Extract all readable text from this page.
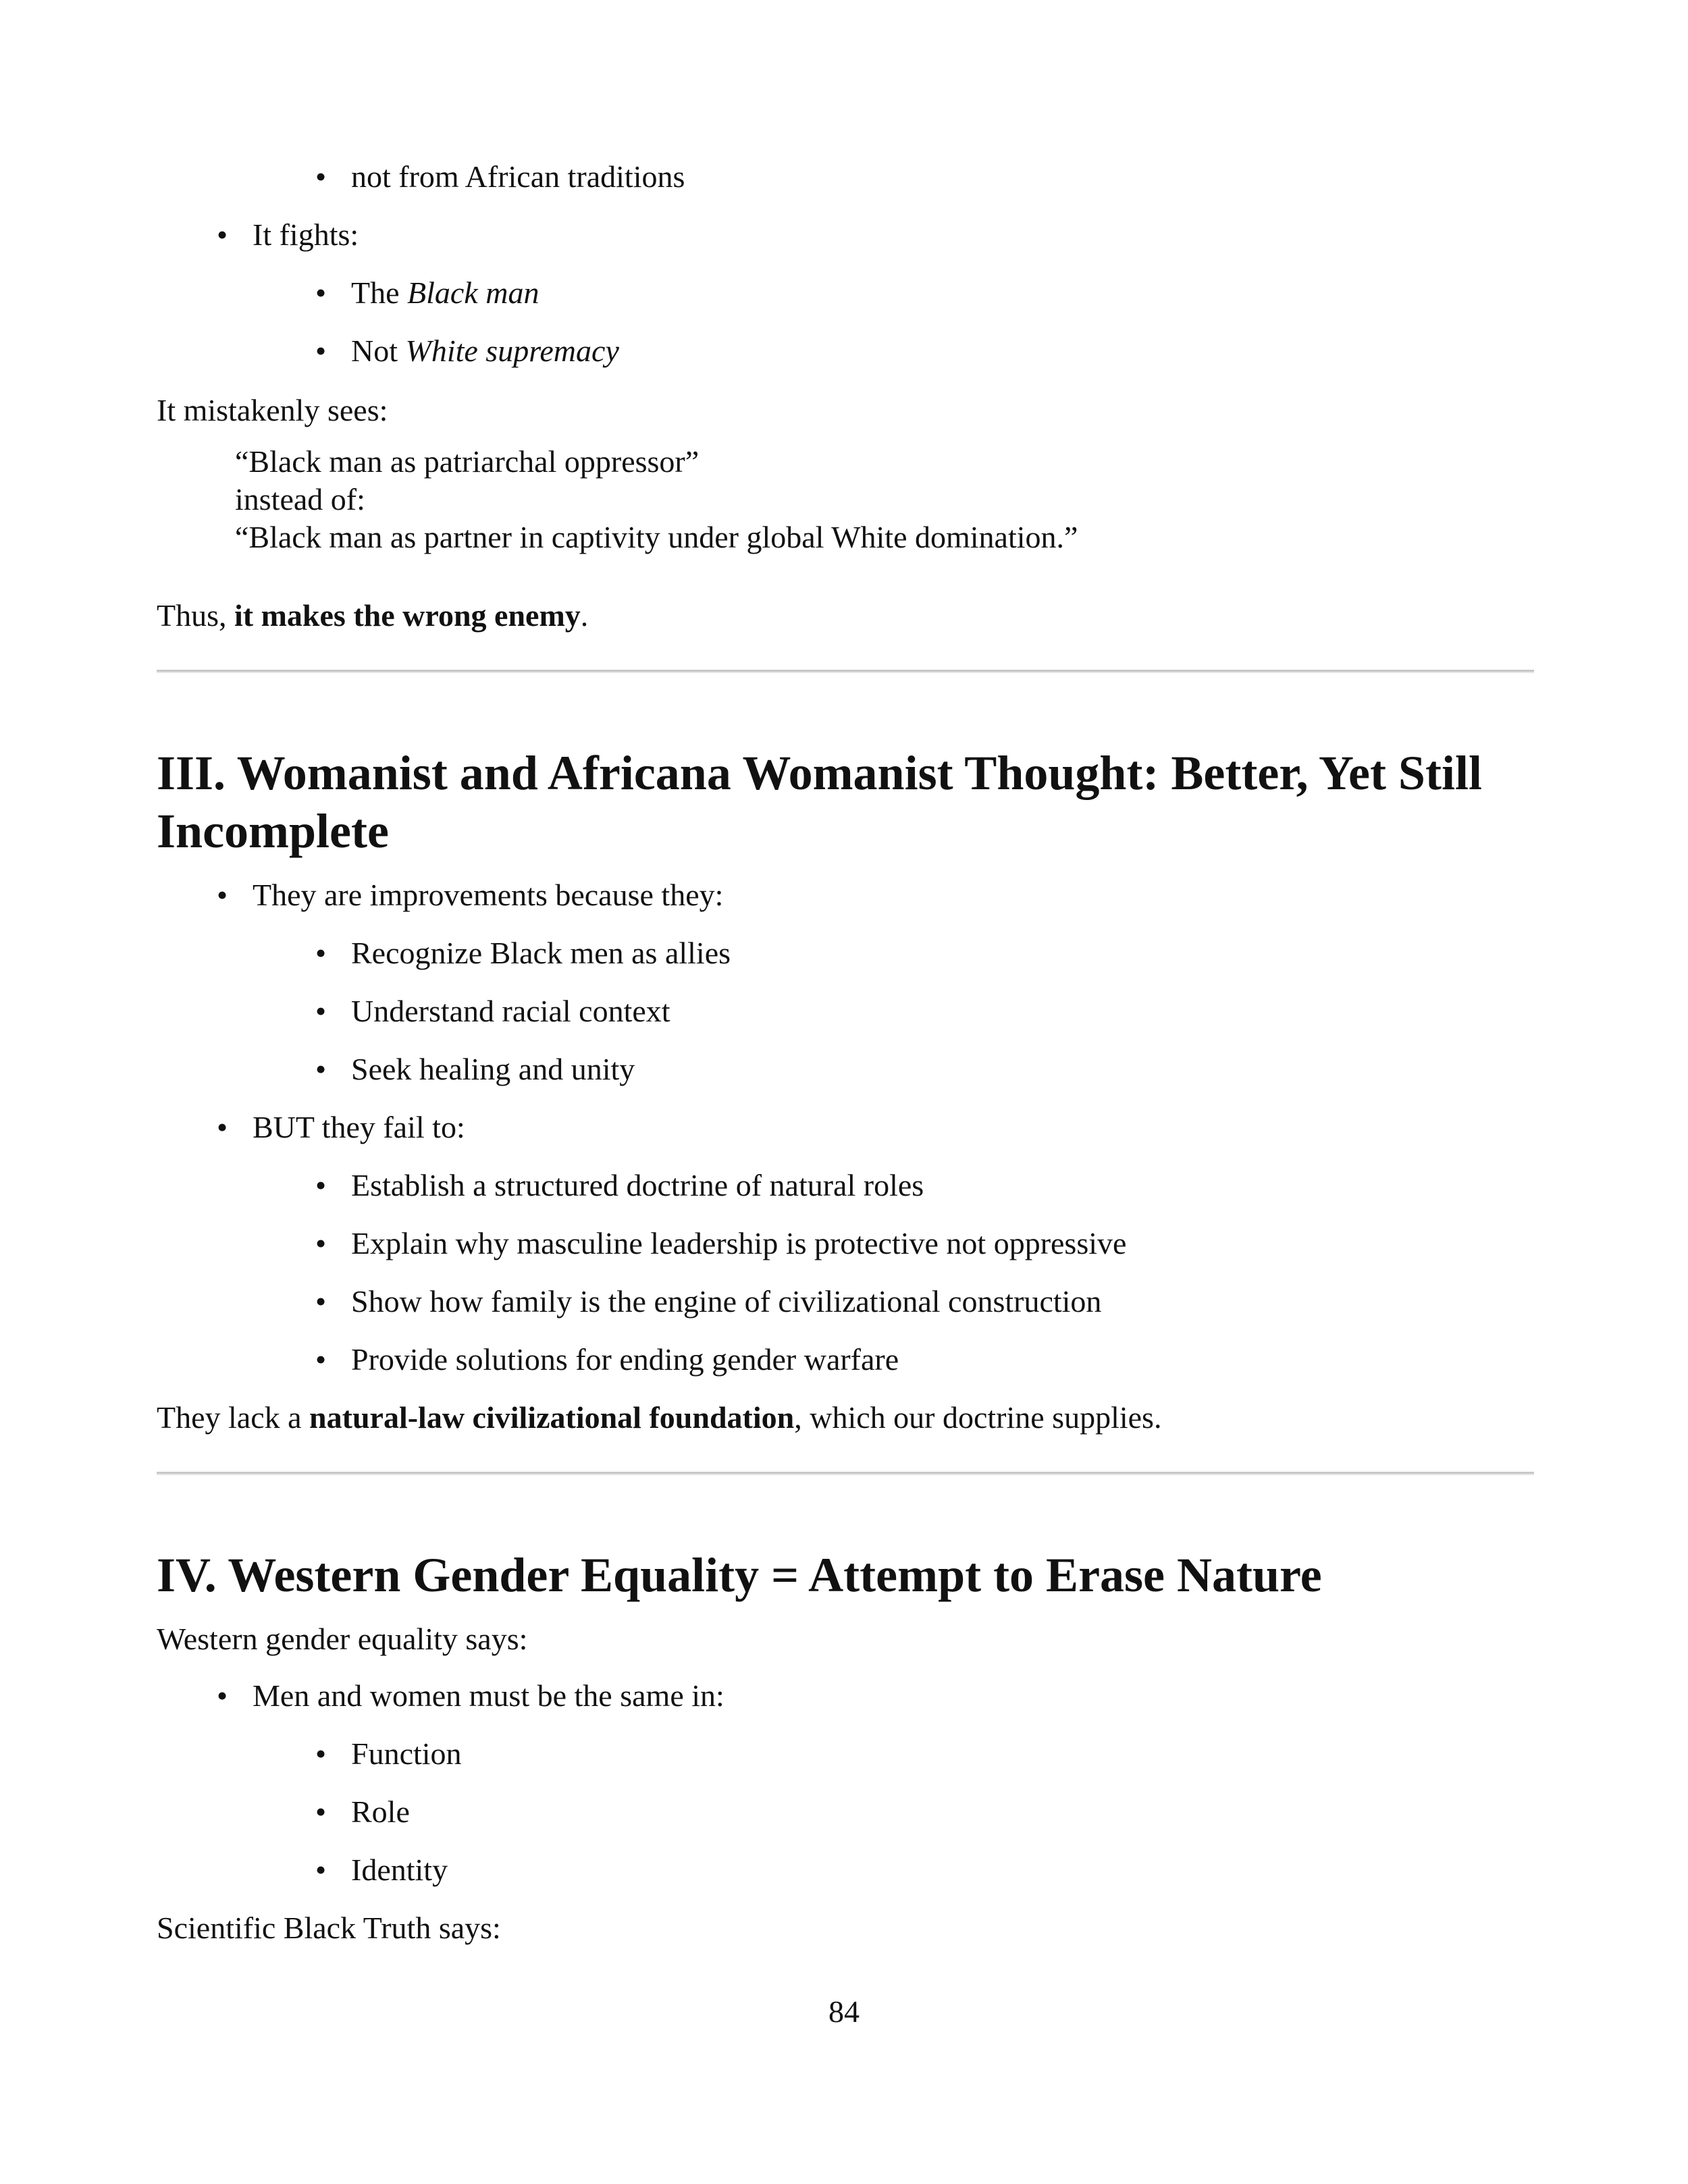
• not from African traditions
• It fights:
• The Black man
• Not White supremacy
It mistakenly sees:
“Black man as patriarchal oppressor”
instead of:
“Black man as partner in captivity under global White domination.”
Thus, it makes the wrong enemy.
III. Womanist and Africana Womanist Thought: Better, Yet Still Incomplete
• They are improvements because they:
• Recognize Black men as allies
• Understand racial context
• Seek healing and unity
• BUT they fail to:
• Establish a structured doctrine of natural roles
• Explain why masculine leadership is protective not oppressive
• Show how family is the engine of civilizational construction
• Provide solutions for ending gender warfare
They lack a natural-law civilizational foundation, which our doctrine supplies.
IV. Western Gender Equality = Attempt to Erase Nature
Western gender equality says:
• Men and women must be the same in:
• Function
• Role
• Identity
Scientific Black Truth says:
84
